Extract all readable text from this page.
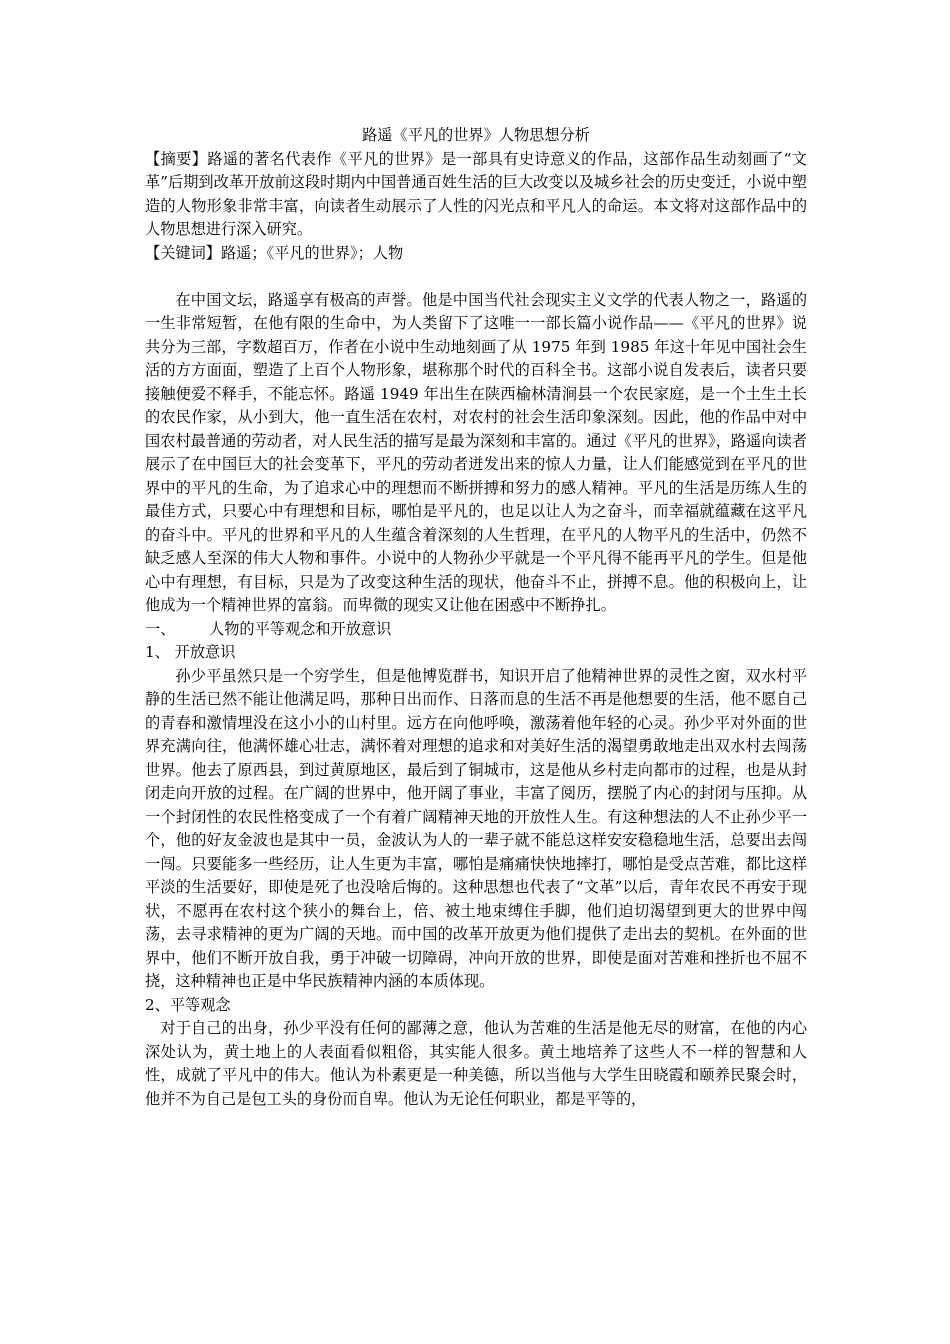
路遥《平凡的世界》人物思想分析

【摘要】路遥的著名代表作《平凡的世界》是一部具有史诗意义的作品，这部作品生动刻画了“文革”后期到改革开放前这段时期内中国普通百姓生活的巨大改变以及城乡社会的历史变迁，小说中塑造的人物形象非常丰富，向读者生动展示了人性的闪光点和平凡人的命运。本文将对这部作品中的人物思想进行深入研究。

【关键词】路遥；《平凡的世界》；人物

在中国文坛，路遥享有极高的声誉。他是中国当代社会现实主义文学的代表人物之一，路遥的一生非常短暂，在他有限的生命中，为人类留下了这唯一一部长篇小说作品——《平凡的世界》说共分为三部，字数超百万，作者在小说中生动地刻画了从 1975 年到 1985 年这十年见中国社会生活的方方面面，塑造了上百个人物形象，堪称那个时代的百科全书。这部小说自发表后，读者只要接触便爱不释手，不能忘怀。路遥 1949 年出生在陕西榆林清涧县一个农民家庭，是一个土生土长的农民作家，从小到大，他一直生活在农村，对农村的社会生活印象深刻。因此，他的作品中对中国农村最普通的劳动者，对人民生活的描写是最为深刻和丰富的。通过《平凡的世界》，路遥向读者展示了在中国巨大的社会变革下，平凡的劳动者迸发出来的惊人力量，让人们能感觉到在平凡的世界中的平凡的生命，为了追求心中的理想而不断拼搏和努力的感人精神。平凡的生活是历练人生的最佳方式，只要心中有理想和目标，哪怕是平凡的，也足以让人为之奋斗，而幸福就蕴藏在这平凡的奋斗中。平凡的世界和平凡的人生蕴含着深刻的人生哲理，在平凡的人物平凡的生活中，仍然不缺乏感人至深的伟大人物和事件。小说中的人物孙少平就是一个平凡得不能再平凡的学生。但是他心中有理想，有目标，只是为了改变这种生活的现状，他奋斗不止，拼搏不息。他的积极向上，让他成为一个精神世界的富翁。而卑微的现实又让他在困惑中不断挣扎。

一、 人物的平等观念和开放意识
1、 开放意识

孙少平虽然只是一个穷学生，但是他博览群书，知识开启了他精神世界的灵性之窗，双水村平静的生活已然不能让他满足吗，那种日出而作、日落而息的生活不再是他想要的生活，他不愿自己的青春和激情埋没在这小小的山村里。远方在向他呼唤，激荡着他年轻的心灵。孙少平对外面的世界充满向往，他满怀雄心壮志，满怀着对理想的追求和对美好生活的渴望勇敢地走出双水村去闯荡世界。他去了原西县，到过黄原地区，最后到了铜城市，这是他从乡村走向都市的过程，也是从封闭走向开放的过程。在广阔的世界中，他开阔了事业，丰富了阅历，摆脱了内心的封闭与压抑。从一个封闭性的农民性格变成了一个有着广阔精神天地的开放性人生。有这种想法的人不止孙少平一个，他的好友金波也是其中一员，金波认为人的一辈子就不能总这样安安稳稳地生活，总要出去闯一闯。只要能多一些经历，让人生更为丰富，哪怕是痛痛快快地摔打，哪怕是受点苦难，都比这样平淡的生活要好，即使是死了也没啥后悔的。这种思想也代表了“文革”以后，青年农民不再安于现状，不愿再在农村这个狭小的舞台上，倍、被土地束缚住手脚，他们迫切渴望到更大的世界中闯荡，去寻求精神的更为广阔的天地。而中国的改革开放更为他们提供了走出去的契机。在外面的世界中，他们不断开放自我，勇于冲破一切障碍，冲向开放的世界，即使是面对苦难和挫折也不屈不挠，这种精神也正是中华民族精神内涵的本质体现。

2、平等观念

对于自己的出身，孙少平没有任何的鄙薄之意，他认为苦难的生活是他无尽的财富，在他的内心深处认为，黄土地上的人表面看似粗俗，其实能人很多。黄土地培养了这些人不一样的智慧和人性，成就了平凡中的伟大。他认为朴素更是一种美德，所以当他与大学生田晓霞和颐养民聚会时，他并不为自己是包工头的身份而自卑。他认为无论任何职业，都是平等的，
